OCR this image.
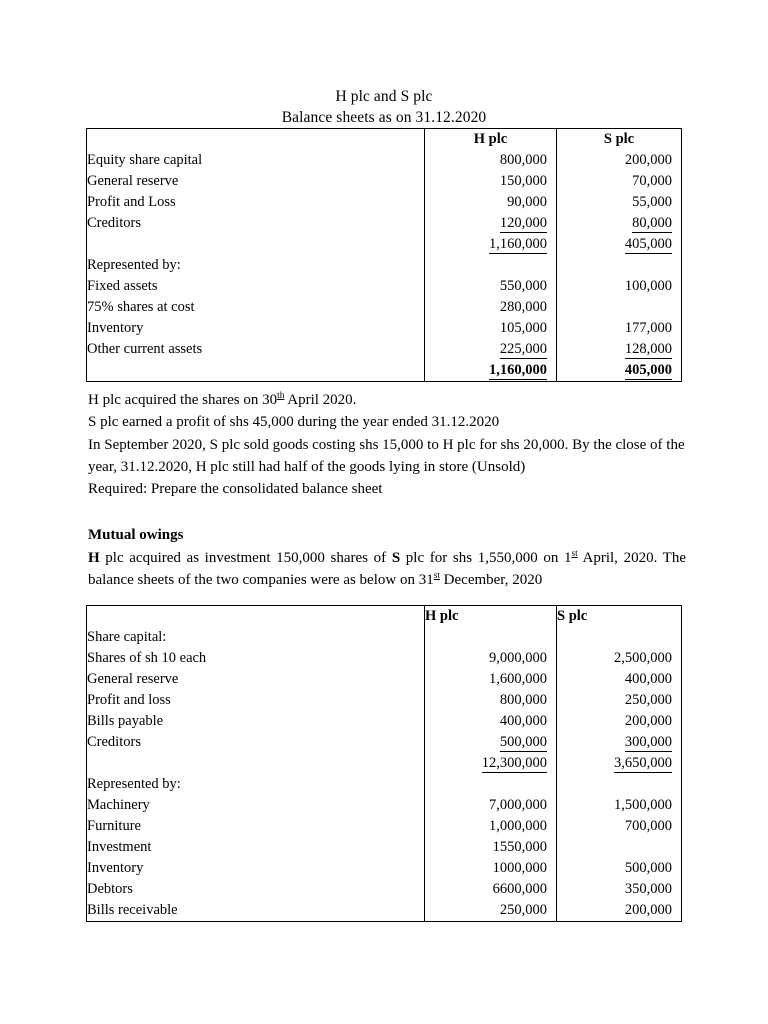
H plc and S plc
Balance sheets as on 31.12.2020
	H plc	S plc
Equity share capital	800,000	200,000
General reserve	150,000	70,000
Profit and Loss	90,000	55,000
Creditors	120,000	80,000
	1,160,000	405,000
Represented by:		
Fixed assets	550,000	100,000
75% shares at cost	280,000	
Inventory	105,000	177,000
Other current assets	225,000	128,000
	1,160,000	405,000
H plc acquired the shares on 30th April 2020.
S plc earned a profit of shs 45,000 during the year ended 31.12.2020
In September 2020, S plc sold goods costing shs 15,000 to H plc for shs 20,000. By the close of the year, 31.12.2020, H plc still had half of the goods lying in store (Unsold)
Required: Prepare the consolidated balance sheet
Mutual owings
H plc acquired as investment 150,000 shares of S plc for shs 1,550,000 on 1st April, 2020. The balance sheets of the two companies were as below on 31st December, 2020
	H plc	S plc
Share capital:		
Shares of sh 10 each	9,000,000	2,500,000
General reserve	1,600,000	400,000
Profit and loss	800,000	250,000
Bills payable	400,000	200,000
Creditors	500,000	300,000
	12,300,000	3,650,000
Represented by:		
Machinery	7,000,000	1,500,000
Furniture	1,000,000	700,000
Investment	1550,000	
Inventory	1000,000	500,000
Debtors	6600,000	350,000
Bills receivable	250,000	200,000
